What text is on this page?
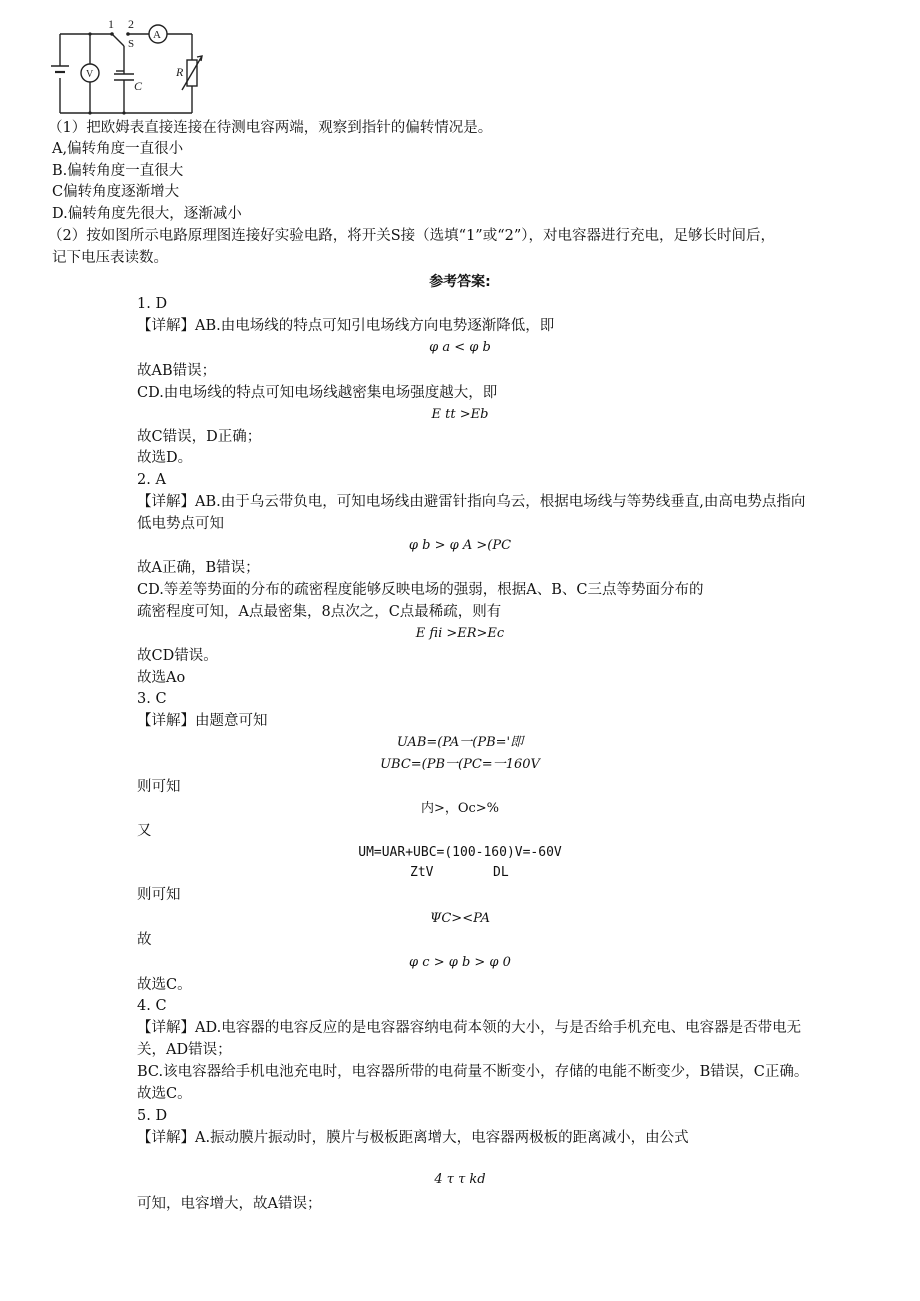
1 2
S
A
V
C
R
（1）把欧姆表直接连接在待测电容两端，观察到指针的偏转情况是。
A,偏转角度一直很小
B.偏转角度一直很大
C偏转角度逐渐增大
D.偏转角度先很大，逐渐减小
（2）按如图所示电路原理图连接好实验电路，将开关S接（选填“1”或“2”），对电容器进行充电，足够长时间后，
记下电压表读数。
参考答案:
1. D
【详解】AB.由电场线的特点可知引电场线方向电势逐渐降低，即
φ a < φ b
故AB错误；
CD.由电场线的特点可知电场线越密集电场强度越大，即
E tt >Eb
故C错误，D正确；
故选D。
2. A
【详解】AB.由于乌云带负电，可知电场线由避雷针指向乌云，根据电场线与等势线垂直,由高电势点指向
低电势点可知
φ b > φ A >(PC
故A正确，B错误；
CD.等差等势面的分布的疏密程度能够反映电场的强弱，根据A、B、C三点等势面分布的
疏密程度可知，A点最密集，8点次之，C点最稀疏，则有
E fii >ER>Ec
故CD错误。
故选Ao
3. C
【详解】由题意可知
UAB=(PA一(PB='即
UBC=(PB一(PC=一160V
则可知
内>，Oc>%
又
UM=UAR+UBC=(100-160)V=-60V
ZtV	DL
则可知
ΨC><PA
故
φ c > φ b > φ 0
故选C。
4. C
【详解】AD.电容器的电容反应的是电容器容纳电荷本领的大小，与是否给手机充电、电容器是否带电无
关，AD错误；
BC.该电容器给手机电池充电时，电容器所带的电荷量不断变小，存储的电能不断变少，B错误，C正确。
故选C。
5. D
【详解】A.振动膜片振动时，膜片与极板距离增大，电容器两极板的距离减小，由公式
4 τ τ kd
可知，电容增大，故A错误；
